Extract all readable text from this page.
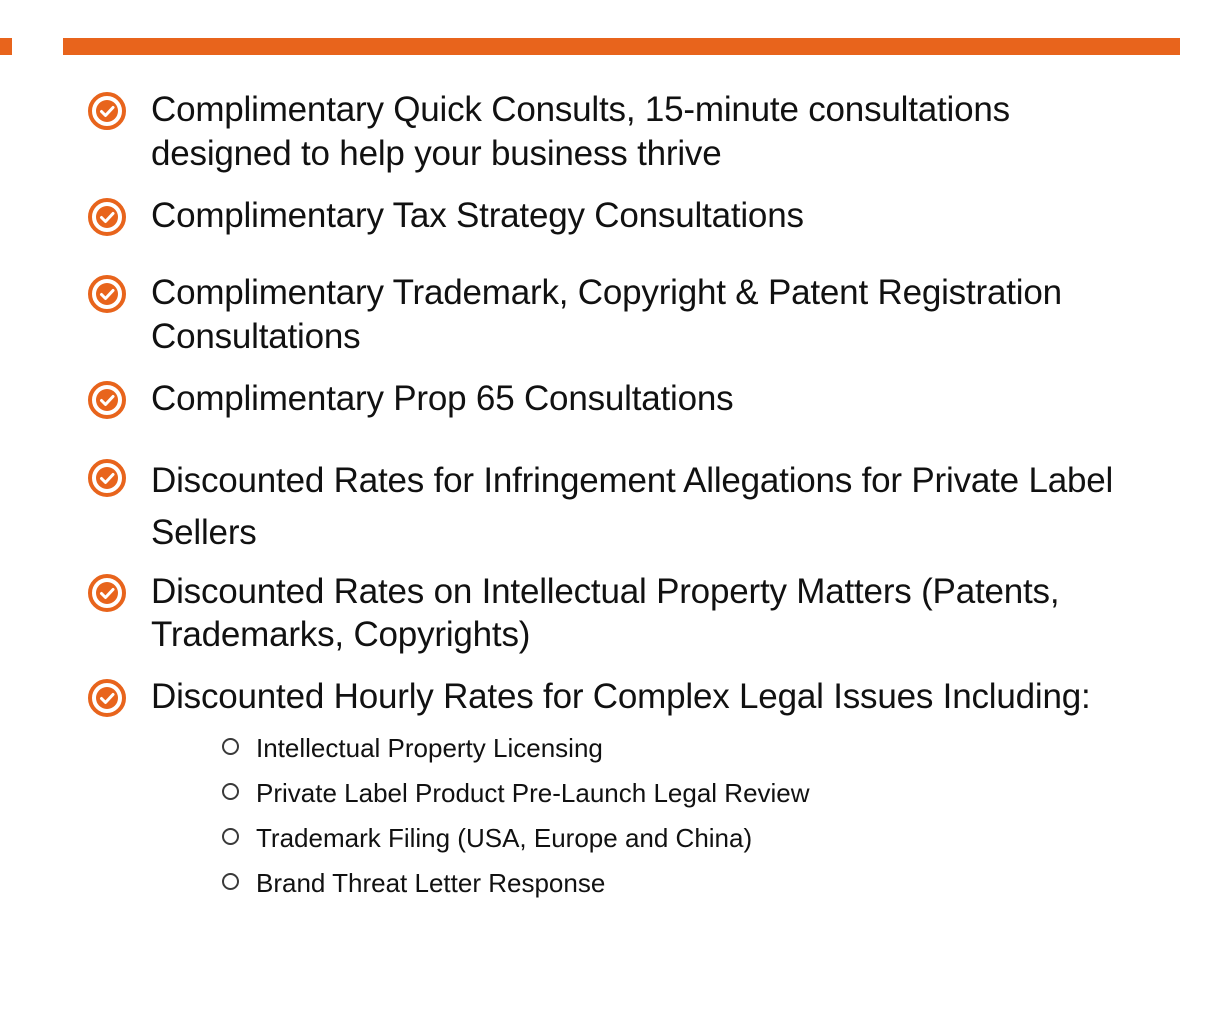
Complimentary Quick Consults, 15-minute consultations designed to help your business thrive
Complimentary Tax Strategy Consultations
Complimentary Trademark, Copyright & Patent Registration Consultations
Complimentary Prop 65 Consultations
Discounted Rates for Infringement Allegations for Private Label Sellers
Discounted Rates on Intellectual Property Matters (Patents, Trademarks, Copyrights)
Discounted Hourly Rates for Complex Legal Issues Including:
Intellectual Property Licensing
Private Label Product Pre-Launch Legal Review
Trademark Filing (USA, Europe and China)
Brand Threat Letter Response
